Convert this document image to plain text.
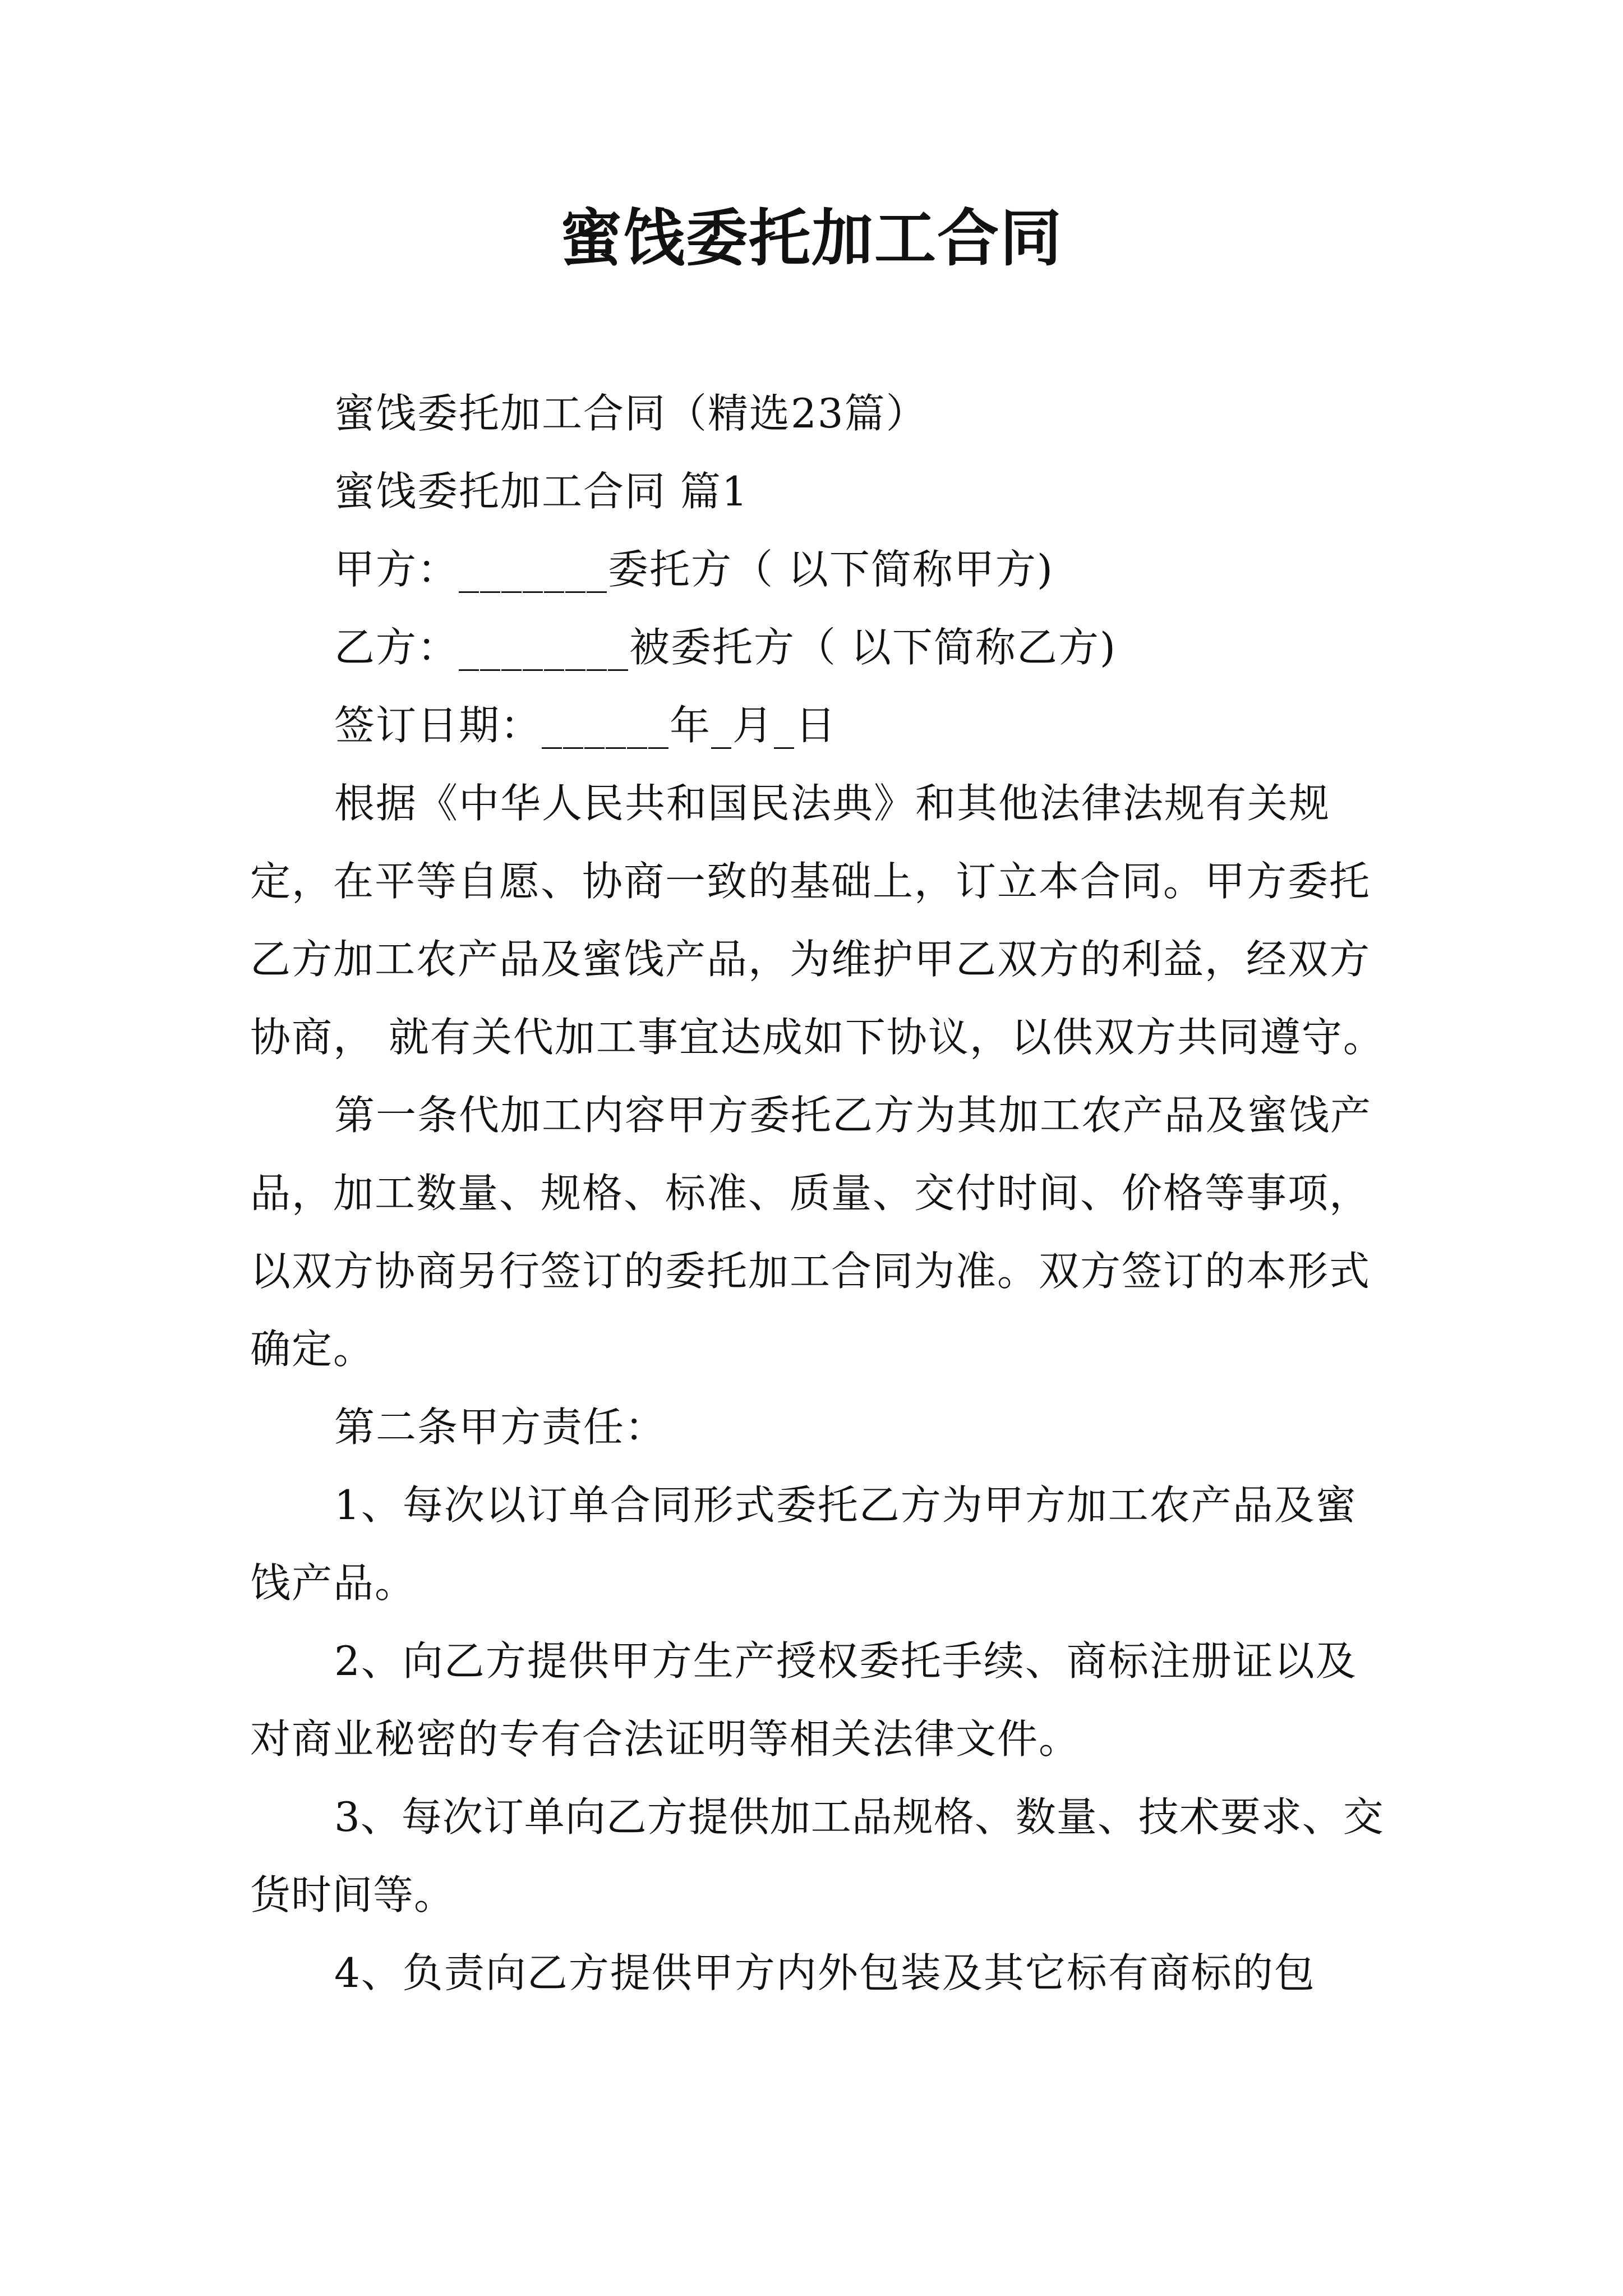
蜜饯委托加工合同

蜜饯委托加工合同（精选23篇）

蜜饯委托加工合同 篇1

甲方：_______委托方（ 以下简称甲方)

乙方：________被委托方（ 以下简称乙方)

签订日期：______年_月_日

根据《中华人民共和国民法典》和其他法律法规有关规定，在平等自愿、协商一致的基础上，订立本合同。甲方委托乙方加工农产品及蜜饯产品，为维护甲乙双方的利益，经双方协商， 就有关代加工事宜达成如下协议，以供双方共同遵守。

第一条代加工内容甲方委托乙方为其加工农产品及蜜饯产品，加工数量、规格、标准、质量、交付时间、价格等事项，以双方协商另行签订的委托加工合同为准。双方签订的本形式确定。

第二条甲方责任：

1、每次以订单合同形式委托乙方为甲方加工农产品及蜜饯产品。

2、向乙方提供甲方生产授权委托手续、商标注册证以及对商业秘密的专有合法证明等相关法律文件。

3、每次订单向乙方提供加工品规格、数量、技术要求、交货时间等。

4、负责向乙方提供甲方内外包装及其它标有商标的包
